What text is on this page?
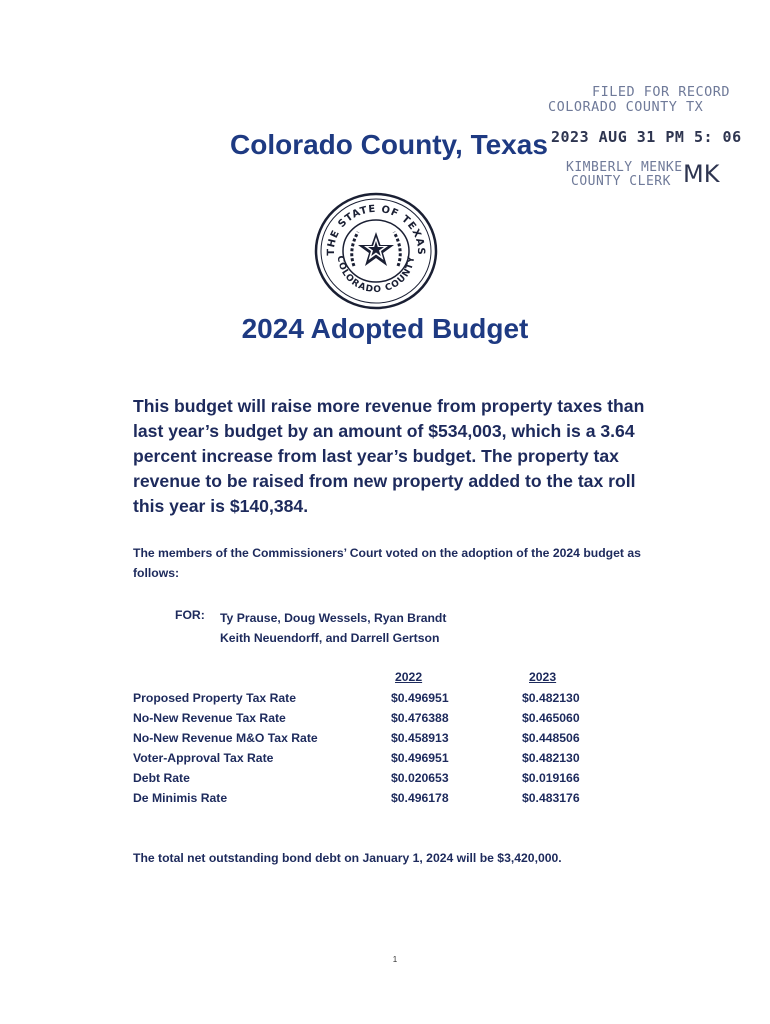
FILED FOR RECORD
COLORADO COUNTY TX
2023 AUG 31 PM 5: 06
KIMBERLY MENKE
COUNTY CLERK MK
Colorado County, Texas
THE STATE OF TEXAS
COLORADO COUNTY
2024 Adopted Budget

This budget will raise more revenue from property taxes than last year’s budget by an amount of $534,003, which is a 3.64 percent increase from last year’s budget. The property tax revenue to be raised from new property added to the tax roll this year is $140,384.

The members of the Commissioners’ Court voted on the adoption of the 2024 budget as follows:

FOR: Ty Prause, Doug Wessels, Ryan Brandt
Keith Neuendorff, and Darrell Gertson
	2022	2023
Proposed Property Tax Rate	$0.496951	$0.482130
No-New Revenue Tax Rate	$0.476388	$0.465060
No-New Revenue M&O Tax Rate	$0.458913	$0.448506
Voter-Approval Tax Rate	$0.496951	$0.482130
Debt Rate	$0.020653	$0.019166
De Minimis Rate	$0.496178	$0.483176

The total net outstanding bond debt on January 1, 2024 will be $3,420,000.

1
